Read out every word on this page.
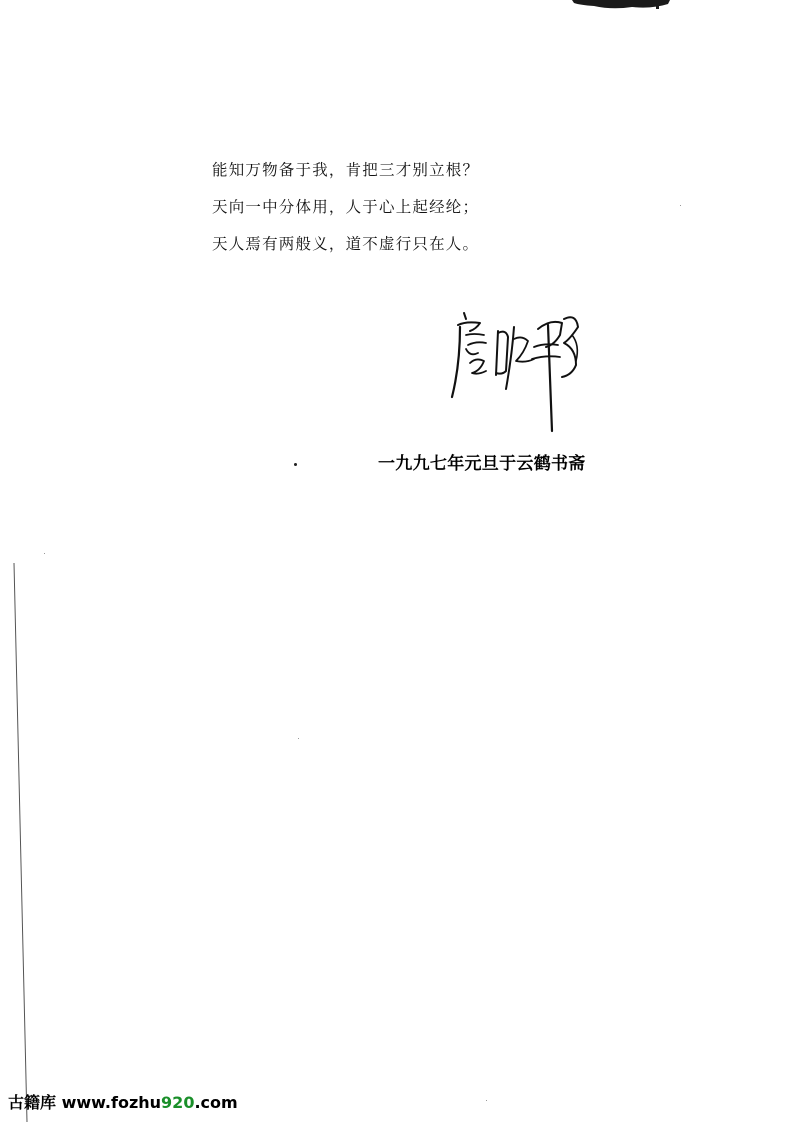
能知万物备于我，肯把三才别立根？
天向一中分体用，人于心上起经纶；
天人焉有两般义，道不虚行只在人。
一九九七年元旦于云鹤书斋
古籍库 www.fozhu920.com
